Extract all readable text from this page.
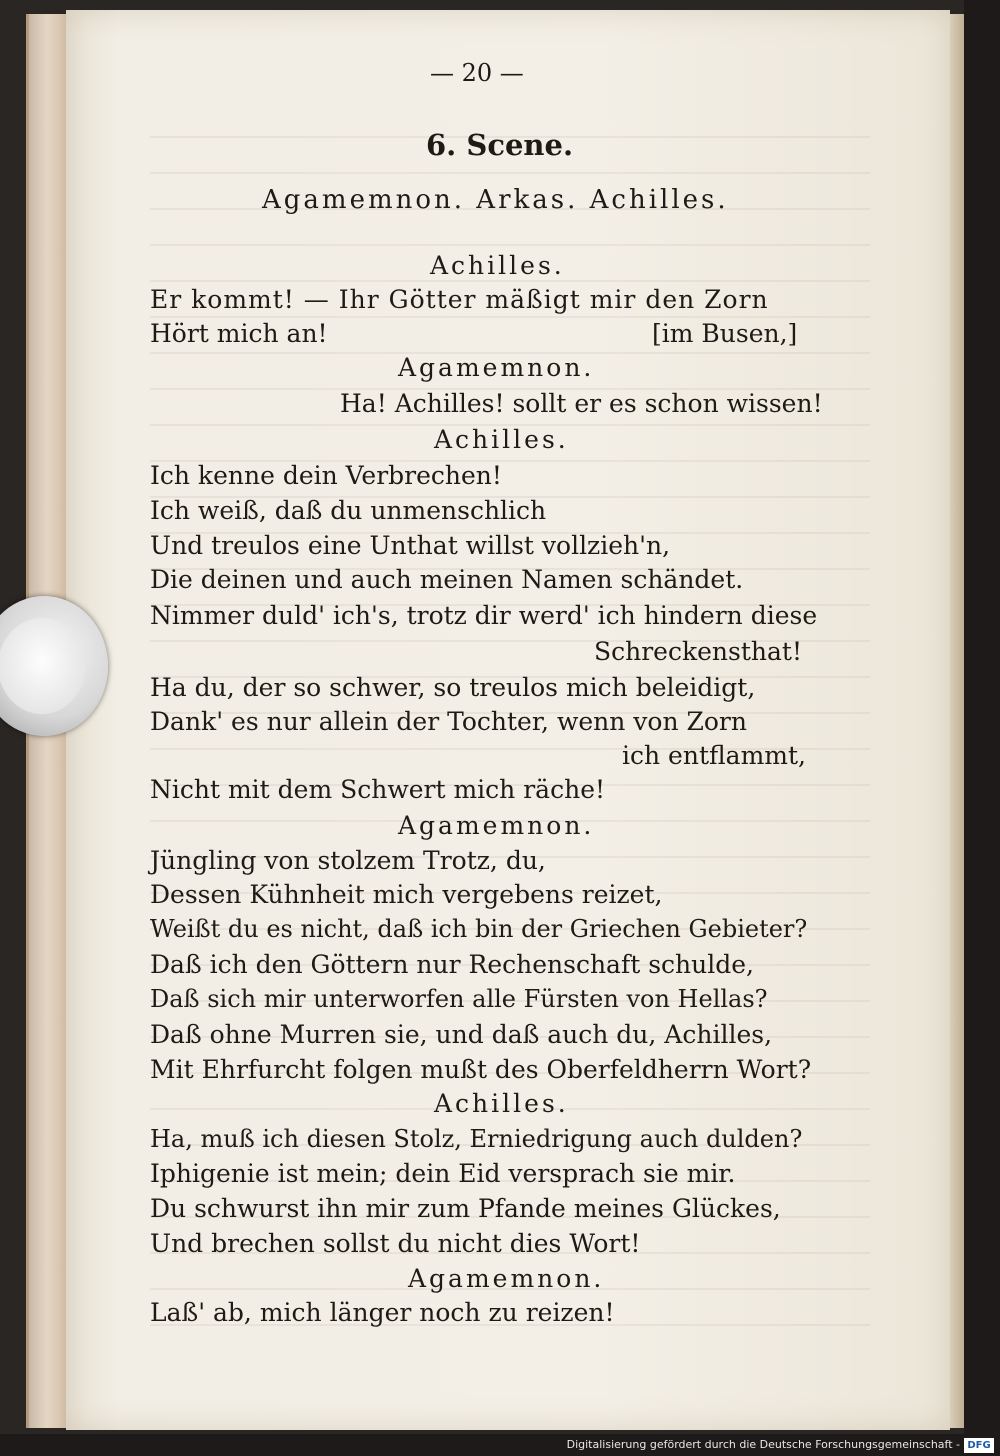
— 20 —
6. Scene.
Agamemnon. Arkas. Achilles.
Achilles.
Er kommt! — Ihr Götter mäßigt mir den Zorn
Hört mich an!	[im Busen,]
Agamemnon.
Ha! Achilles! sollt er es schon wissen!
Achilles.
Ich kenne dein Verbrechen!
Ich weiß, daß du unmenschlich
Und treulos eine Unthat willst vollzieh'n,
Die deinen und auch meinen Namen schändet.
Nimmer duld' ich's, trotz dir werd' ich hindern diese
Schreckensthat!
Ha du, der so schwer, so treulos mich beleidigt,
Dank' es nur allein der Tochter, wenn von Zorn
ich entflammt,
Nicht mit dem Schwert mich räche!
Agamemnon.
Jüngling von stolzem Trotz, du,
Dessen Kühnheit mich vergebens reizet,
Weißt du es nicht, daß ich bin der Griechen Gebieter?
Daß ich den Göttern nur Rechenschaft schulde,
Daß sich mir unterworfen alle Fürsten von Hellas?
Daß ohne Murren sie, und daß auch du, Achilles,
Mit Ehrfurcht folgen mußt des Oberfeldherrn Wort?
Achilles.
Ha, muß ich diesen Stolz, Erniedrigung auch dulden?
Iphigenie ist mein; dein Eid versprach sie mir.
Du schwurst ihn mir zum Pfande meines Glückes,
Und brechen sollst du nicht dies Wort!
Agamemnon.
Laß' ab, mich länger noch zu reizen!
Digitalisierung gefördert durch die Deutsche Forschungsgemeinschaft - DFG
